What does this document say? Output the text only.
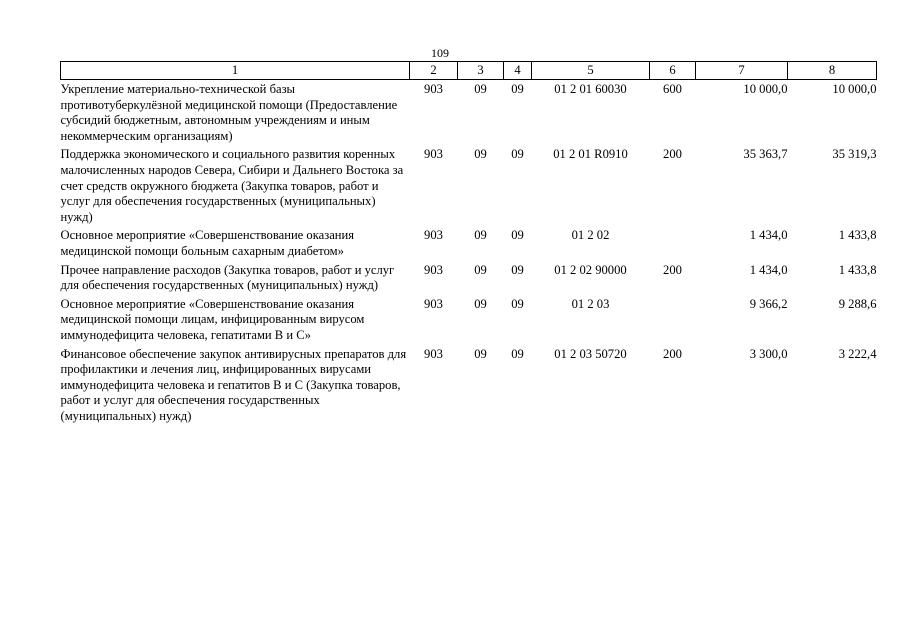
109
1	2	3	4	5	6	7	8
Укрепление материально-технической базы противотуберкулёзной медицинской помощи (Предоставление субсидий бюджетным, автономным учреждениям и иным некоммерческим организациям)	903	09	09	01 2 01 60030	600	10 000,0	10 000,0
Поддержка экономического и социального развития коренных малочисленных народов Севера, Сибири и Дальнего Востока за счет средств окружного бюджета (Закупка товаров, работ и услуг для обеспечения государственных (муниципальных) нужд)	903	09	09	01 2 01 R0910	200	35 363,7	35 319,3
Основное мероприятие «Совершенствование оказания медицинской помощи больным сахарным диабетом»	903	09	09	01 2 02		1 434,0	1 433,8
Прочее направление расходов (Закупка товаров, работ и услуг для обеспечения государственных (муниципальных) нужд)	903	09	09	01 2 02 90000	200	1 434,0	1 433,8
Основное мероприятие «Совершенствование оказания медицинской помощи лицам, инфицированным вирусом иммунодефицита человека, гепатитами В и С»	903	09	09	01 2 03		9 366,2	9 288,6
Финансовое обеспечение закупок антивирусных препаратов для профилактики и лечения лиц, инфицированных вирусами иммунодефицита человека и гепатитов В и С (Закупка товаров, работ и услуг для обеспечения государственных (муниципальных) нужд)	903	09	09	01 2 03 50720	200	3 300,0	3 222,4
